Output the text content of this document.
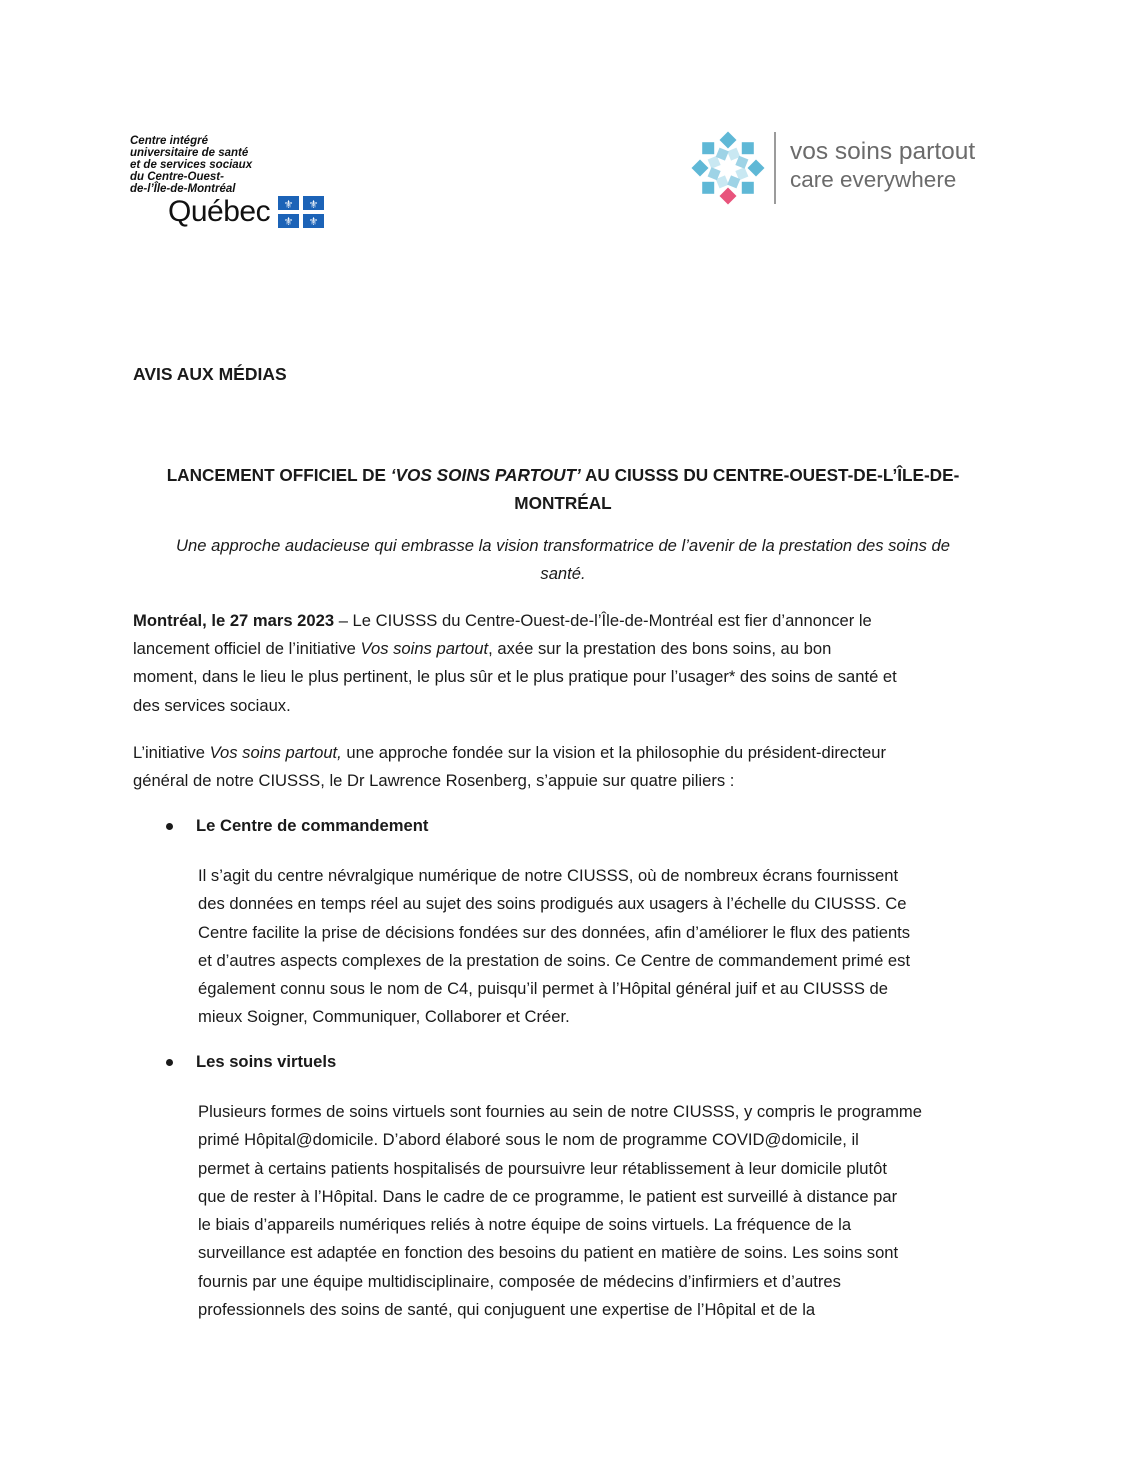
Centre intégré
universitaire de santé
et de services sociaux
du Centre-Ouest-
de-l’Île-de-Montréal
Québec ⚜ ⚜
⚜ ⚜
vos soins partout
care everywhere
AVIS AUX MÉDIAS
LANCEMENT OFFICIEL DE ‘VOS SOINS PARTOUT’ AU CIUSSS DU CENTRE-OUEST-DE-L’ÎLE-DE-
MONTRÉAL
Une approche audacieuse qui embrasse la vision transformatrice de l’avenir de la prestation des soins de
santé.
Montréal, le 27 mars 2023 – Le CIUSSS du Centre-Ouest-de-l’Île-de-Montréal est fier d’annoncer le
lancement officiel de l’initiative Vos soins partout, axée sur la prestation des bons soins, au bon
moment, dans le lieu le plus pertinent, le plus sûr et le plus pratique pour l’usager* des soins de santé et
des services sociaux.
L’initiative Vos soins partout, une approche fondée sur la vision et la philosophie du président-directeur
général de notre CIUSSS, le Dr Lawrence Rosenberg, s’appuie sur quatre piliers :
Le Centre de commandement
Il s’agit du centre névralgique numérique de notre CIUSSS, où de nombreux écrans fournissent
des données en temps réel au sujet des soins prodigués aux usagers à l’échelle du CIUSSS. Ce
Centre facilite la prise de décisions fondées sur des données, afin d’améliorer le flux des patients
et d’autres aspects complexes de la prestation de soins. Ce Centre de commandement primé est
également connu sous le nom de C4, puisqu’il permet à l’Hôpital général juif et au CIUSSS de
mieux Soigner, Communiquer, Collaborer et Créer.
Les soins virtuels
Plusieurs formes de soins virtuels sont fournies au sein de notre CIUSSS, y compris le programme
primé Hôpital@domicile. D’abord élaboré sous le nom de programme COVID@domicile, il
permet à certains patients hospitalisés de poursuivre leur rétablissement à leur domicile plutôt
que de rester à l’Hôpital. Dans le cadre de ce programme, le patient est surveillé à distance par
le biais d’appareils numériques reliés à notre équipe de soins virtuels. La fréquence de la
surveillance est adaptée en fonction des besoins du patient en matière de soins. Les soins sont
fournis par une équipe multidisciplinaire, composée de médecins d’infirmiers et d’autres
professionnels des soins de santé, qui conjuguent une expertise de l’Hôpital et de la
